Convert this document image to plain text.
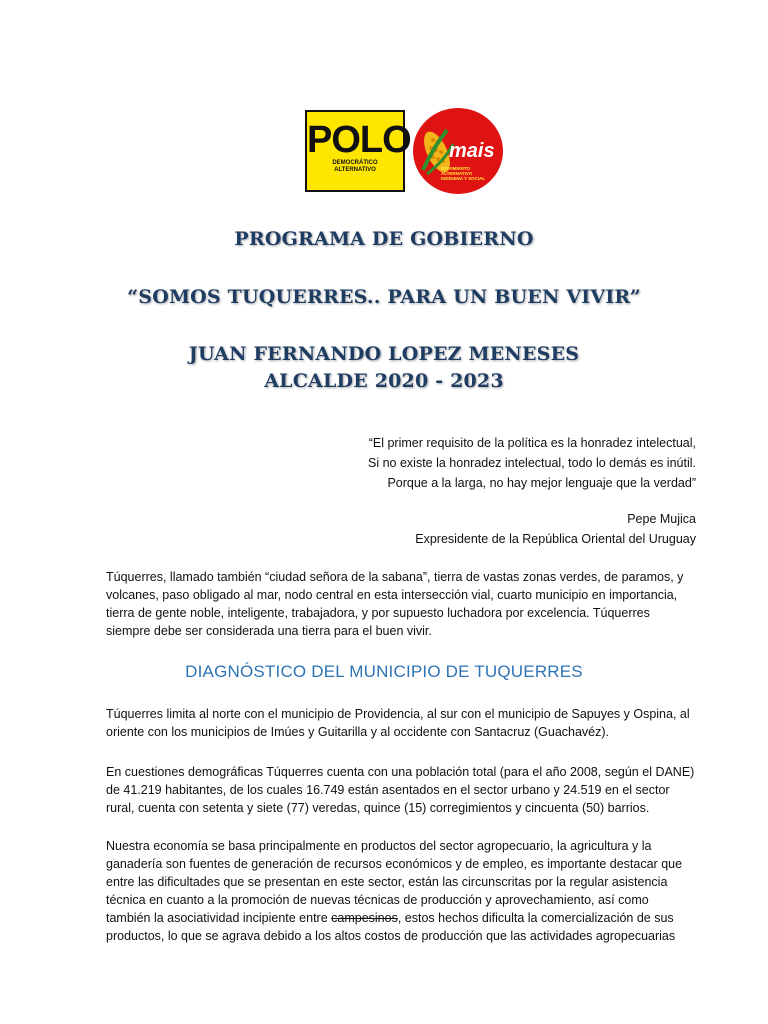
POLO
DEMOCRÁTICO
ALTERNATIVO
mais
MOVIMIENTO ALTERNATIVO
INDÍGENA Y SOCIAL
PROGRAMA DE GOBIERNO
“SOMOS TUQUERRES.. PARA UN BUEN VIVIR”
JUAN FERNANDO LOPEZ MENESES
ALCALDE 2020 - 2023
“El primer requisito de la política es la honradez intelectual,
Si no existe la honradez intelectual, todo lo demás es inútil.
Porque a la larga, no hay mejor lenguaje que la verdad”
Pepe Mujica
Expresidente de la República Oriental del Uruguay
Túquerres, llamado también “ciudad señora de la sabana”, tierra de vastas zonas verdes, de paramos, y
volcanes, paso obligado al mar, nodo central en esta intersección vial, cuarto municipio en importancia,
tierra de gente noble, inteligente, trabajadora, y por supuesto luchadora por excelencia. Túquerres
siempre debe ser considerada una tierra para el buen vivir.
DIAGNÓSTICO DEL MUNICIPIO DE TUQUERRES
Túquerres limita al norte con el municipio de Providencia, al sur con el municipio de Sapuyes y Ospina, al
oriente con los municipios de Imúes y Guitarilla y al occidente con Santacruz (Guachavéz).
En cuestiones demográficas Túquerres cuenta con una población total (para el año 2008, según el DANE)
de 41.219 habitantes, de los cuales 16.749 están asentados en el sector urbano y 24.519 en el sector
rural, cuenta con setenta y siete (77) veredas, quince (15) corregimientos y cincuenta (50) barrios.
Nuestra economía se basa principalmente en productos del sector agropecuario, la agricultura y la
ganadería son fuentes de generación de recursos económicos y de empleo, es importante destacar que
entre las dificultades que se presentan en este sector, están las circunscritas por la regular asistencia
técnica en cuanto a la promoción de nuevas técnicas de producción y aprovechamiento, así como
también la asociatividad incipiente entre campesinos, estos hechos dificulta la comercialización de sus
productos, lo que se agrava debido a los altos costos de producción que las actividades agropecuarias
